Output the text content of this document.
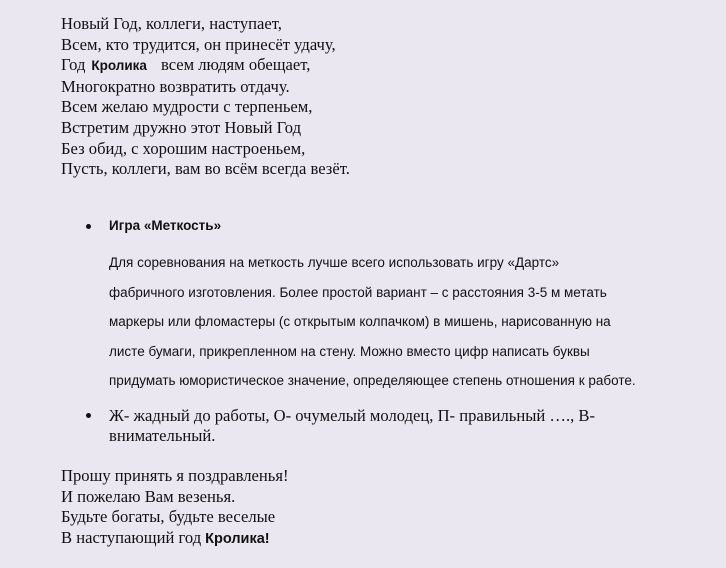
Новый Год, коллеги, наступает,
Всем, кто трудится, он принесёт удачу,
Год Кролика всем людям обещает,
Многократно возвратить отдачу.
Всем желаю мудрости с терпеньем,
Встретим дружно этот Новый Год
Без обид, с хорошим настроеньем,
Пусть, коллеги, вам во всём всегда везёт.
Игра «Меткость»
Для соревнования на меткость лучше всего использовать игру «Дартс»
фабричного изготовления. Более простой вариант – с расстояния 3-5 м метать
маркеры или фломастеры (с открытым колпачком) в мишень, нарисованную на
листе бумаги, прикрепленном на стену. Можно вместо цифр написать буквы
придумать юмористическое значение, определяющее степень отношения к работе.
Ж- жадный до работы, О- очумелый молодец, П- правильный …., В- внимательный.
Прошу принять я поздравленья!
И пожелаю Вам везенья.
Будьте богаты, будьте веселые
В наступающий год Кролика!
